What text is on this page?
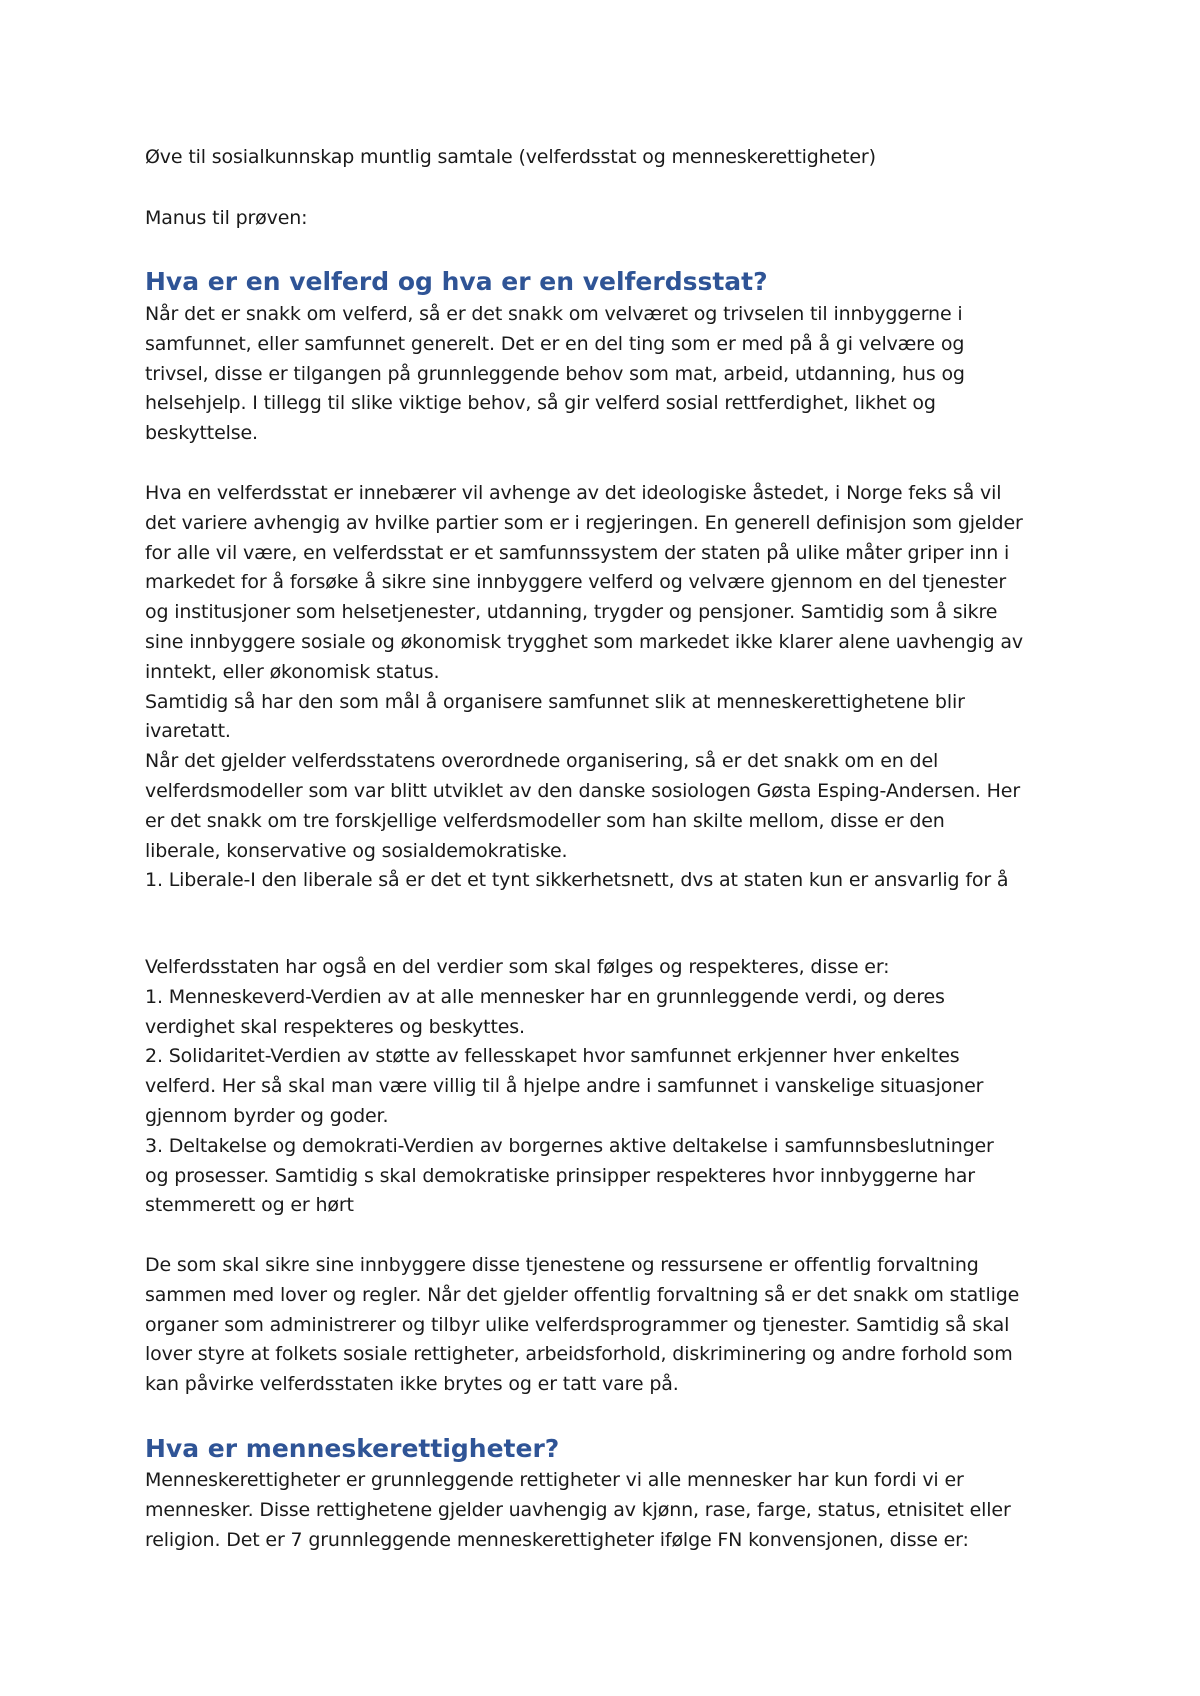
Øve til sosialkunnskap muntlig samtale (velferdsstat og menneskerettigheter)

Manus til prøven:

Hva er en velferd og hva er en velferdsstat?
Når det er snakk om velferd, så er det snakk om velværet og trivselen til innbyggerne i
samfunnet, eller samfunnet generelt. Det er en del ting som er med på å gi velvære og
trivsel, disse er tilgangen på grunnleggende behov som mat, arbeid, utdanning, hus og
helsehjelp. I tillegg til slike viktige behov, så gir velferd sosial rettferdighet, likhet og
beskyttelse.
Hva en velferdsstat er innebærer vil avhenge av det ideologiske åstedet, i Norge feks så vil
det variere avhengig av hvilke partier som er i regjeringen. En generell definisjon som gjelder
for alle vil være, en velferdsstat er et samfunnssystem der staten på ulike måter griper inn i
markedet for å forsøke å sikre sine innbyggere velferd og velvære gjennom en del tjenester
og institusjoner som helsetjenester, utdanning, trygder og pensjoner. Samtidig som å sikre
sine innbyggere sosiale og økonomisk trygghet som markedet ikke klarer alene uavhengig av
inntekt, eller økonomisk status.
Samtidig så har den som mål å organisere samfunnet slik at menneskerettighetene blir
ivaretatt.
Når det gjelder velferdsstatens overordnede organisering, så er det snakk om en del
velferdsmodeller som var blitt utviklet av den danske sosiologen Gøsta Esping-Andersen. Her
er det snakk om tre forskjellige velferdsmodeller som han skilte mellom, disse er den
liberale, konservative og sosialdemokratiske.
1. Liberale-I den liberale så er det et tynt sikkerhetsnett, dvs at staten kun er ansvarlig for å
Velferdsstaten har også en del verdier som skal følges og respekteres, disse er:
1. Menneskeverd-Verdien av at alle mennesker har en grunnleggende verdi, og deres
verdighet skal respekteres og beskyttes.
2. Solidaritet-Verdien av støtte av fellesskapet hvor samfunnet erkjenner hver enkeltes
velferd. Her så skal man være villig til å hjelpe andre i samfunnet i vanskelige situasjoner
gjennom byrder og goder.
3. Deltakelse og demokrati-Verdien av borgernes aktive deltakelse i samfunnsbeslutninger
og prosesser. Samtidig s skal demokratiske prinsipper respekteres hvor innbyggerne har
stemmerett og er hørt
De som skal sikre sine innbyggere disse tjenestene og ressursene er offentlig forvaltning
sammen med lover og regler. Når det gjelder offentlig forvaltning så er det snakk om statlige
organer som administrerer og tilbyr ulike velferdsprogrammer og tjenester. Samtidig så skal
lover styre at folkets sosiale rettigheter, arbeidsforhold, diskriminering og andre forhold som
kan påvirke velferdsstaten ikke brytes og er tatt vare på.
Hva er menneskerettigheter?
Menneskerettigheter er grunnleggende rettigheter vi alle mennesker har kun fordi vi er
mennesker. Disse rettighetene gjelder uavhengig av kjønn, rase, farge, status, etnisitet eller
religion. Det er 7 grunnleggende menneskerettigheter ifølge FN konvensjonen, disse er:
